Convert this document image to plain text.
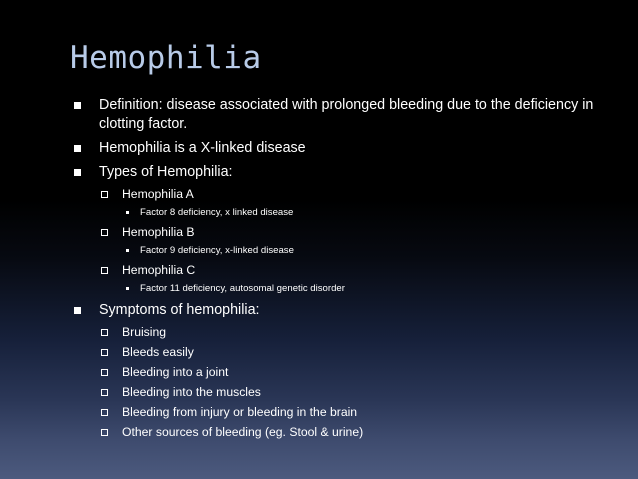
Hemophilia
Definition: disease associated with prolonged bleeding due to the deficiency in clotting factor.
Hemophilia is a X-linked disease
Types of Hemophilia:
Hemophilia A
Factor 8 deficiency, x linked disease
Hemophilia B
Factor 9 deficiency, x-linked disease
Hemophilia C
Factor 11 deficiency, autosomal genetic disorder
Symptoms of hemophilia:
Bruising
Bleeds easily
Bleeding into a joint
Bleeding into the muscles
Bleeding from injury or bleeding in the brain
Other sources of bleeding (eg. Stool & urine)
